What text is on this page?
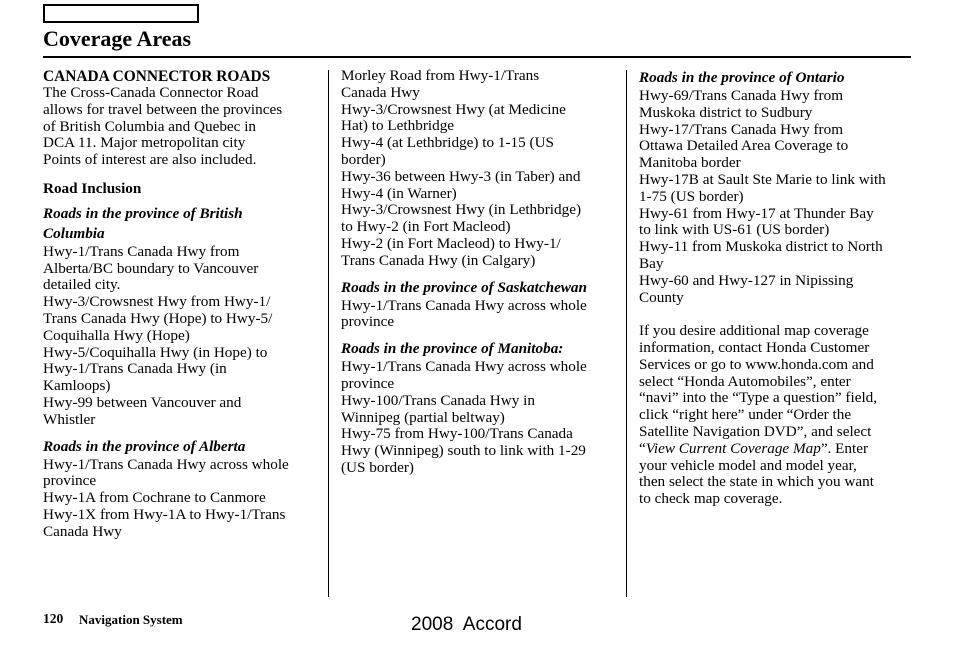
Coverage Areas
CANADA CONNECTOR ROADS
The Cross-Canada Connector Road
allows for travel between the provinces
of British Columbia and Quebec in
DCA 11. Major metropolitan city
Points of interest are also included.
Road Inclusion
Roads in the province of British
Columbia
Hwy-1/Trans Canada Hwy from
Alberta/BC boundary to Vancouver
detailed city.
Hwy-3/Crowsnest Hwy from Hwy-1/
Trans Canada Hwy (Hope) to Hwy-5/
Coquihalla Hwy (Hope)
Hwy-5/Coquihalla Hwy (in Hope) to
Hwy-1/Trans Canada Hwy (in
Kamloops)
Hwy-99 between Vancouver and
Whistler
Roads in the province of Alberta
Hwy-1/Trans Canada Hwy across whole
province
Hwy-1A from Cochrane to Canmore
Hwy-1X from Hwy-1A to Hwy-1/Trans
Canada Hwy
Morley Road from Hwy-1/Trans
Canada Hwy
Hwy-3/Crowsnest Hwy (at Medicine
Hat) to Lethbridge
Hwy-4 (at Lethbridge) to 1-15 (US
border)
Hwy-36 between Hwy-3 (in Taber) and
Hwy-4 (in Warner)
Hwy-3/Crowsnest Hwy (in Lethbridge)
to Hwy-2 (in Fort Macleod)
Hwy-2 (in Fort Macleod) to Hwy-1/
Trans Canada Hwy (in Calgary)
Roads in the province of Saskatchewan
Hwy-1/Trans Canada Hwy across whole
province
Roads in the province of Manitoba:
Hwy-1/Trans Canada Hwy across whole
province
Hwy-100/Trans Canada Hwy in
Winnipeg (partial beltway)
Hwy-75 from Hwy-100/Trans Canada
Hwy (Winnipeg) south to link with 1-29
(US border)
Roads in the province of Ontario
Hwy-69/Trans Canada Hwy from
Muskoka district to Sudbury
Hwy-17/Trans Canada Hwy from
Ottawa Detailed Area Coverage to
Manitoba border
Hwy-17B at Sault Ste Marie to link with
1-75 (US border)
Hwy-61 from Hwy-17 at Thunder Bay
to link with US-61 (US border)
Hwy-11 from Muskoka district to North
Bay
Hwy-60 and Hwy-127 in Nipissing
County
If you desire additional map coverage
information, contact Honda Customer
Services or go to www.honda.com and
select “Honda Automobiles”, enter
“navi” into the “Type a question” field,
click “right here” under “Order the
Satellite Navigation DVD”, and select
“View Current Coverage Map”. Enter
your vehicle model and model year,
then select the state in which you want
to check map coverage.
120 Navigation System	2008  Accord
